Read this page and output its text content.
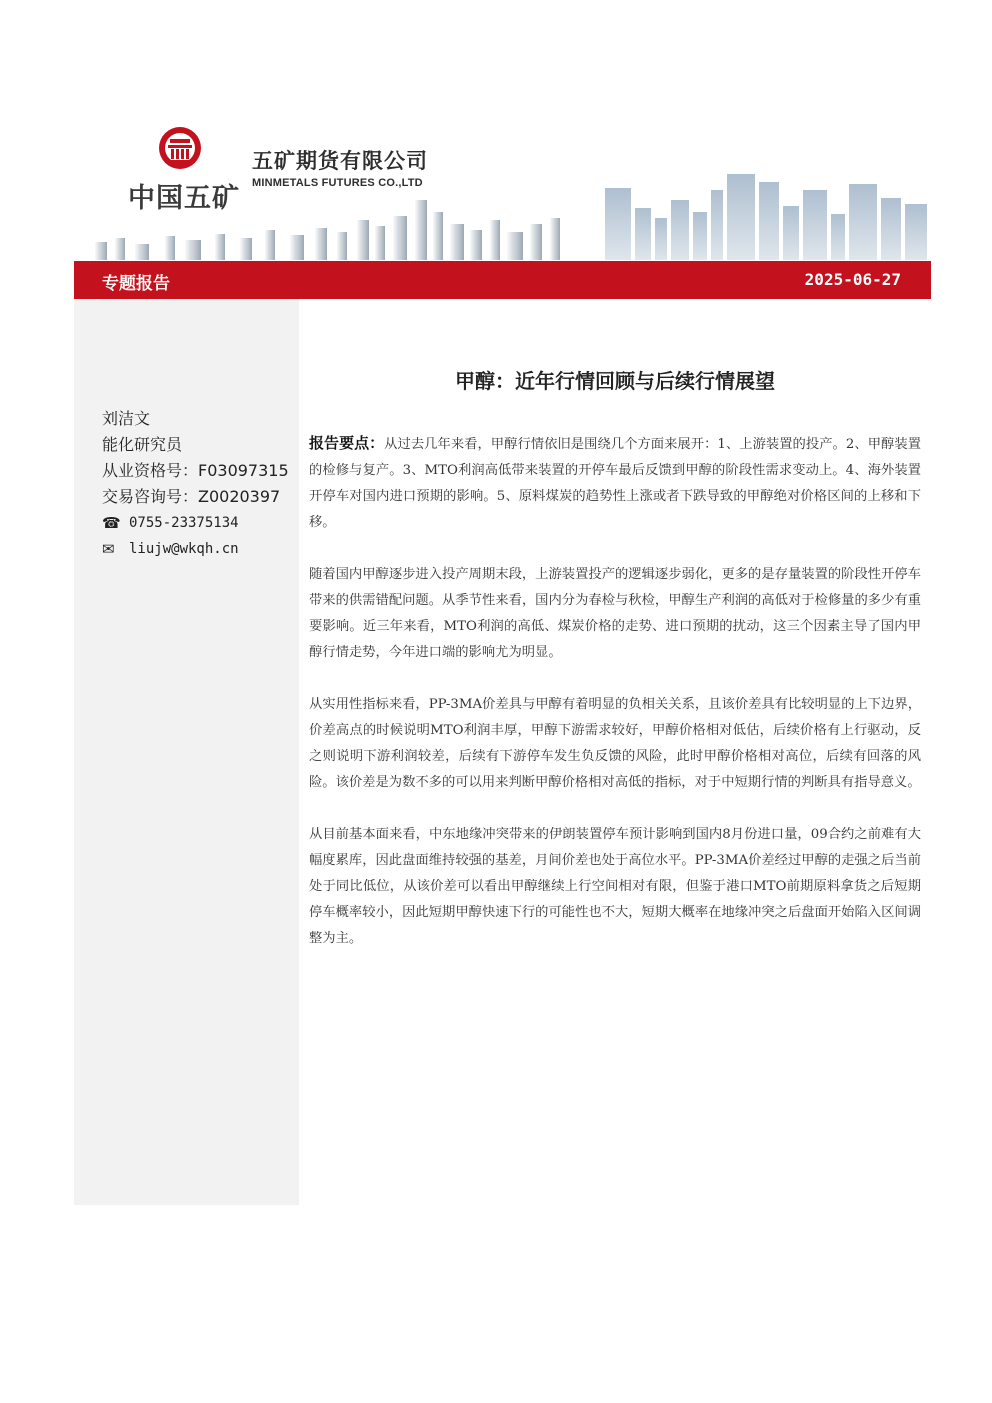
中国五矿
五矿期货有限公司
MINMETALS FUTURES CO.,LTD
专题报告	2025-06-27
刘洁文
能化研究员
从业资格号：F03097315
交易咨询号：Z0020397
☎ 0755-23375134
✉	liujw@wkqh.cn
甲醇：近年行情回顾与后续行情展望

报告要点：从过去几年来看，甲醇行情依旧是围绕几个方面来展开：1、上游装置的投产。2、甲醇装置的检修与复产。3、MTO利润高低带来装置的开停车最后反馈到甲醇的阶段性需求变动上。4、海外装置开停车对国内进口预期的影响。5、原料煤炭的趋势性上涨或者下跌导致的甲醇绝对价格区间的上移和下移。

随着国内甲醇逐步进入投产周期末段，上游装置投产的逻辑逐步弱化，更多的是存量装置的阶段性开停车带来的供需错配问题。从季节性来看，国内分为春检与秋检，甲醇生产利润的高低对于检修量的多少有重要影响。近三年来看，MTO利润的高低、煤炭价格的走势、进口预期的扰动，这三个因素主导了国内甲醇行情走势，今年进口端的影响尤为明显。

从实用性指标来看，PP-3MA价差具与甲醇有着明显的负相关关系，且该价差具有比较明显的上下边界，价差高点的时候说明MTO利润丰厚，甲醇下游需求较好，甲醇价格相对低估，后续价格有上行驱动，反之则说明下游利润较差，后续有下游停车发生负反馈的风险，此时甲醇价格相对高位，后续有回落的风险。该价差是为数不多的可以用来判断甲醇价格相对高低的指标，对于中短期行情的判断具有指导意义。

从目前基本面来看，中东地缘冲突带来的伊朗装置停车预计影响到国内8月份进口量，09合约之前难有大幅度累库，因此盘面维持较强的基差，月间价差也处于高位水平。PP-3MA价差经过甲醇的走强之后当前处于同比低位，从该价差可以看出甲醇继续上行空间相对有限，但鉴于港口MTO前期原料拿货之后短期停车概率较小，因此短期甲醇快速下行的可能性也不大，短期大概率在地缘冲突之后盘面开始陷入区间调整为主。
